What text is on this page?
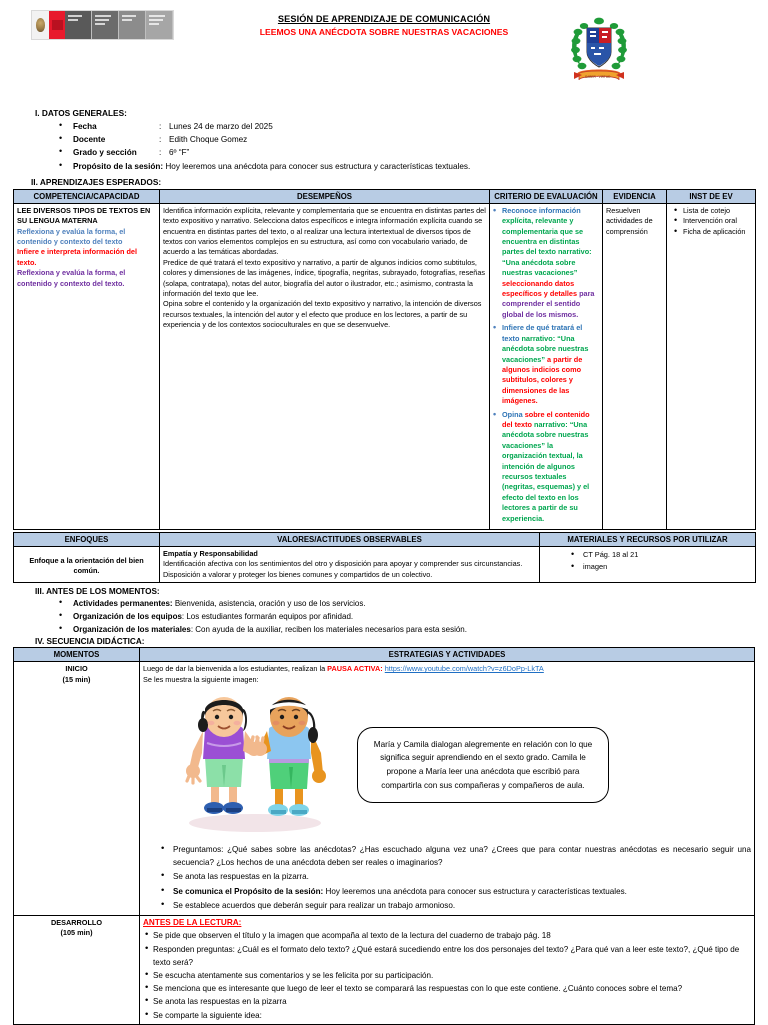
SESIÓN DE APRENDIZAJE DE COMUNICACIÓN
LEEMOS UNA ANÉCDOTA SOBRE NUESTRAS VACACIONES
SABER · VIRTUD
I. DATOS GENERALES:
• Fecha	: Lunes 24 de marzo del 2025
• Docente	: Edith Choque Gomez
• Grado y sección	: 6º “F”
• Propósito de la sesión: Hoy leeremos una anécdota para conocer sus estructura y características textuales.
II. APRENDIZAJES ESPERADOS:
COMPETENCIA/CAPACIDAD	DESEMPEÑOS	CRITERIO DE EVALUACIÓN	EVIDENCIA	INST DE EV

LEE DIVERSOS TIPOS DE TEXTOS EN SU LENGUA MATERNA
Reflexiona y evalúa la forma, el contenido y contexto del texto
Infiere e interpreta información del texto.
Reflexiona y evalúa la forma, el contenido y contexto del texto.

Identifica información explícita, relevante y complementaria que se encuentra en distintas partes del texto expositivo y narrativo. Selecciona datos específicos e integra información explícita cuando se encuentra en distintas partes del texto, o al realizar una lectura intertextual de diversos tipos de textos con varios elementos complejos en su estructura, así como con vocabulario variado, de acuerdo a las temáticas abordadas.
Predice de qué tratará el texto expositivo y narrativo, a partir de algunos indicios como subtitulos, colores y dimensiones de las imágenes, índice, tipografía, negritas, subrayado, fotografías, reseñas (solapa, contratapa), notas del autor, biografía del autor o ilustrador, etc.; asimismo, contrasta la información del texto que lee.
Opina sobre el contenido y la organización del texto expositivo y narrativo, la intención de diversos recursos textuales, la intención del autor y el efecto que produce en los lectores, a partir de su experiencia y de los contextos socioculturales en que se desenvuelve.

• Reconoce información explícita, relevante y complementaria que se encuentra en distintas partes del texto narrativo: “Una anécdota sobre nuestras vacaciones” seleccionando datos específicos y detalles para comprender el sentido global de los mismos.
• Infiere de qué tratará el texto narrativo: “Una anécdota sobre nuestras vacaciones” a partir de algunos indicios como subtitulos, colores y dimensiones de las imágenes.
• Opina sobre el contenido del texto narrativo: “Una anécdota sobre nuestras vacaciones” la organización textual, la intención de algunos recursos textuales (negritas, esquemas) y el efecto del texto en los lectores a partir de su experiencia.
	Resuelven actividades de comprensión	
• Lista de cotejo
• Intervención oral
• Ficha de aplicación
ENFOQUES	VALORES/ACTITUDES OBSERVABLES	MATERIALES Y RECURSOS POR UTILIZAR
Enfoque a la orientación del bien común.	
Empatía y Responsabilidad
Identificación afectiva con los sentimientos del otro y disposición para apoyar y comprender sus circunstancias.
Disposición a valorar y proteger los bienes comunes y compartidos de un colectivo.

• CT Pág. 18 al 21
• imagen
III. ANTES DE LOS MOMENTOS:
• Actividades permanentes: Bienvenida, asistencia, oración y uso de los servicios.
• Organización de los equipos: Los estudiantes formarán equipos por afinidad.
• Organización de los materiales: Con ayuda de la auxiliar, reciben los materiales necesarios para esta sesión.
IV. SECUENCIA DIDÁCTICA:
MOMENTOS	ESTRATEGIAS Y ACTIVIDADES

INICIO
(15 min)

Luego de dar la bienvenida a los estudiantes, realizan la PAUSA ACTIVA: https://www.youtube.com/watch?v=z6DoPp-LkTA
Se les muestra la siguiente imagen:
María y Camila dialogan alegremente en relación con lo que significa seguir aprendiendo en el sexto grado. Camila le propone a María leer una anécdota que escribió para compartirla con sus compañeras y compañeros de aula.
• Preguntamos: ¿Qué sabes sobre las anécdotas? ¿Has escuchado alguna vez una? ¿Crees que para contar nuestras anécdotas es necesario seguir una secuencia? ¿Los hechos de una anécdota deben ser reales o imaginarios?
• Se anota las respuestas en la pizarra.
• Se comunica el Propósito de la sesión: Hoy leeremos una anécdota para conocer sus estructura y características textuales.
• Se establece acuerdos que deberán seguir para realizar un trabajo armonioso.

DESARROLLO
(105 min)

ANTES DE LA LECTURA:
• Se pide que observen el título y la imagen que acompaña al texto de la lectura del cuaderno de trabajo pág. 18
• Responden preguntas: ¿Cuál es el formato delo texto? ¿Qué estará sucediendo entre los dos personajes del texto? ¿Para qué van a leer este texto?, ¿Qué tipo de texto será?
• Se escucha atentamente sus comentarios y se les felicita por su participación.
• Se menciona que es interesante que luego de leer el texto se comparará las respuestas con lo que este contiene. ¿Cuánto conoces sobre el tema?
• Se anota las respuestas en la pizarra
• Se comparte la siguiente idea:
